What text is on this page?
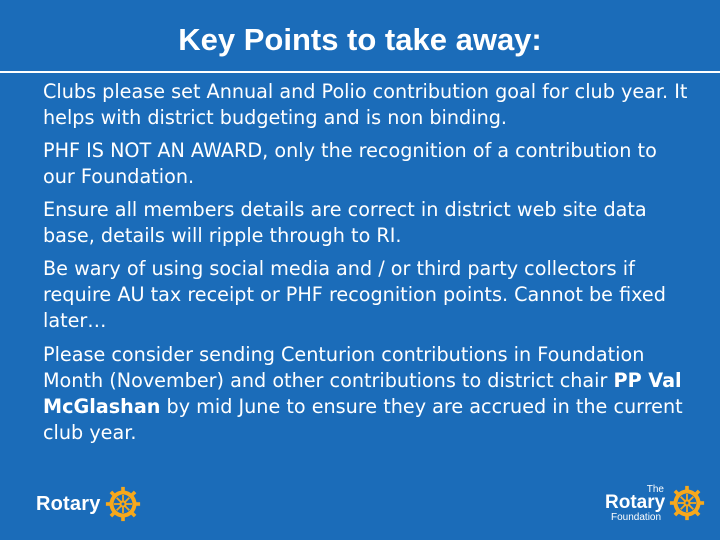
Key Points to take away:
Clubs please set Annual and Polio contribution goal for club year. It helps with district budgeting and is non binding.
PHF IS NOT AN AWARD, only the recognition of a contribution to our Foundation.
Ensure all members details are correct in district web site data base, details will ripple through to RI.
Be wary of using social media and / or third party collectors if require AU tax receipt or PHF recognition points. Cannot be fixed later…
Please consider sending Centurion contributions in Foundation Month (November) and other contributions to district chair PP Val McGlashan by mid June to ensure they are accrued in the current club year.
Rotary
The
Rotary
Foundation
